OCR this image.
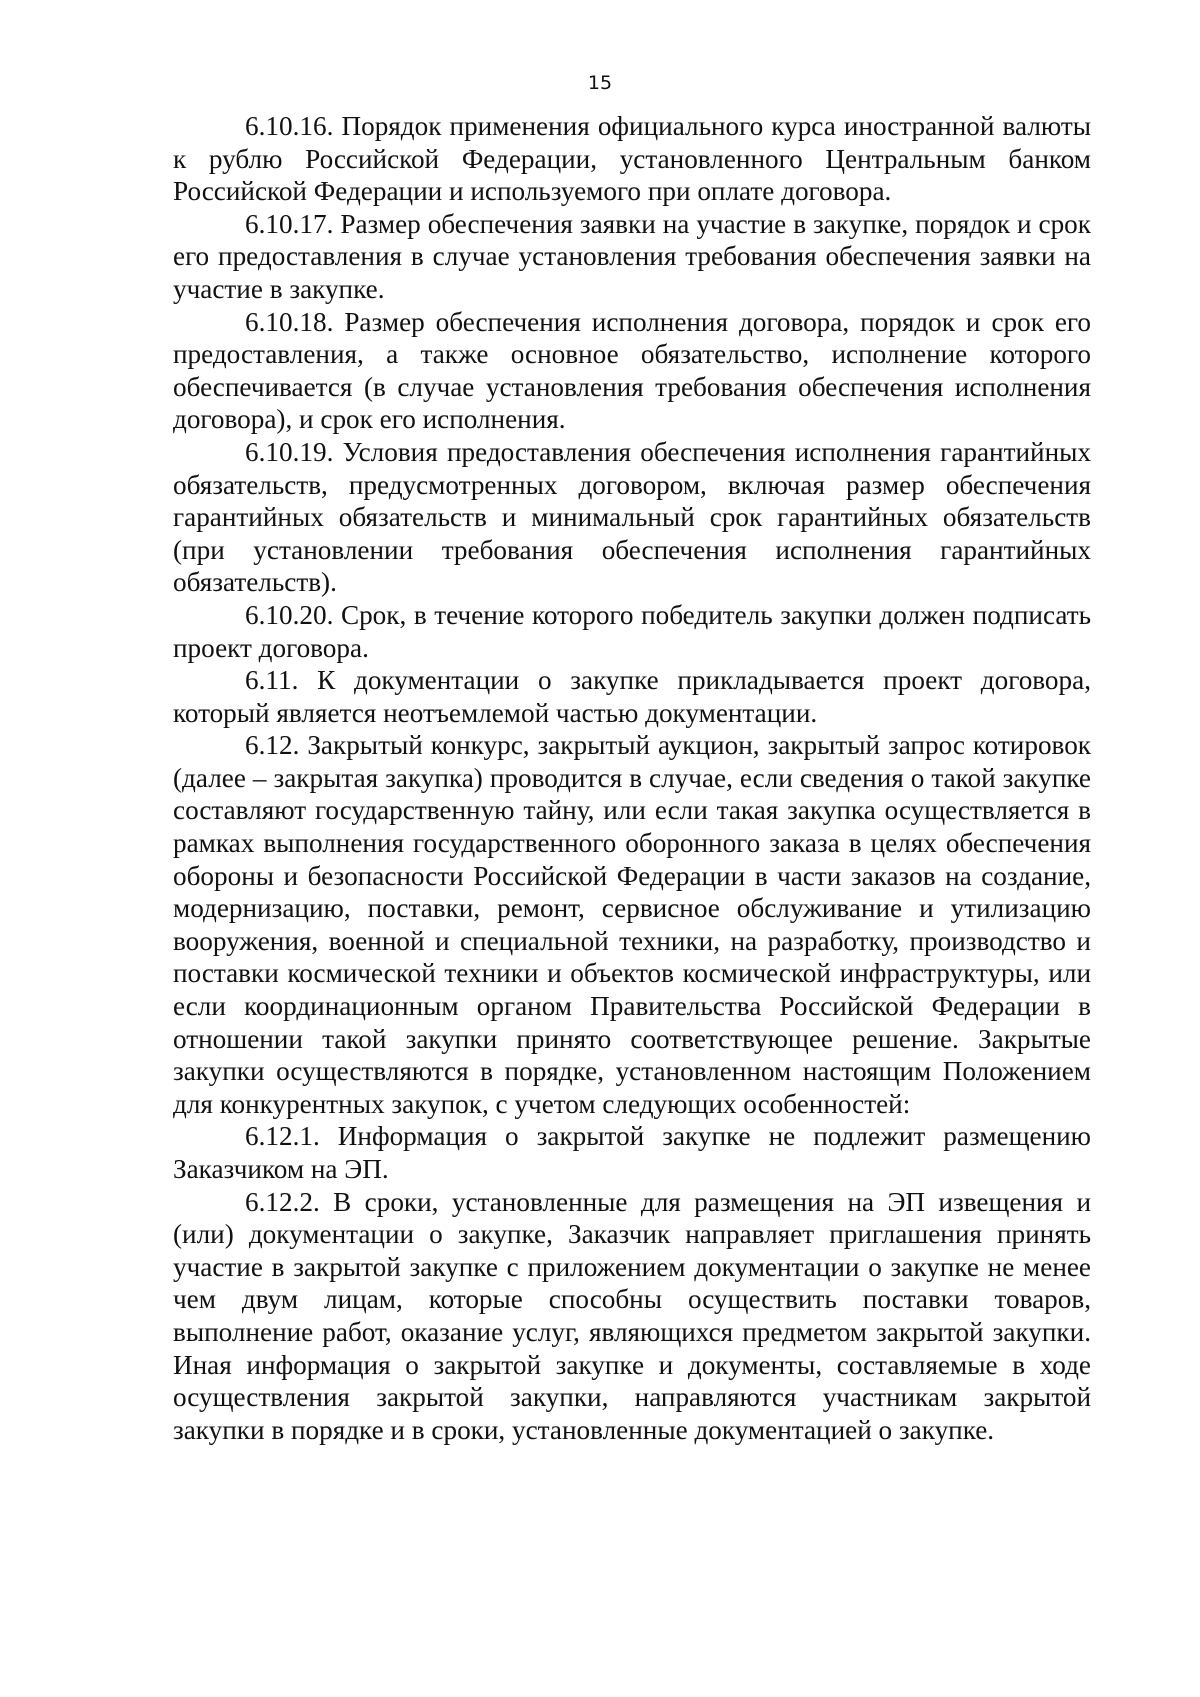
15

6.10.16. Порядок применения официального курса иностранной валюты к рублю Российской Федерации, установленного Центральным банком Российской Федерации и используемого при оплате договора.

6.10.17. Размер обеспечения заявки на участие в закупке, порядок и срок его предоставления в случае установления требования обеспечения заявки на участие в закупке.

6.10.18. Размер обеспечения исполнения договора, порядок и срок его предоставления, а также основное обязательство, исполнение которого обеспечивается (в случае установления требования обеспечения исполнения договора), и срок его исполнения.

6.10.19. Условия предоставления обеспечения исполнения гарантийных обязательств, предусмотренных договором, включая размер обеспечения гарантийных обязательств и минимальный срок гарантийных обязательств (при установлении требования обеспечения исполнения гарантийных обязательств).

6.10.20. Срок, в течение которого победитель закупки должен подписать проект договора.

6.11. К документации о закупке прикладывается проект договора, который является неотъемлемой частью документации.

6.12. Закрытый конкурс, закрытый аукцион, закрытый запрос котировок (далее – закрытая закупка) проводится в случае, если сведения о такой закупке составляют государственную тайну, или если такая закупка осуществляется в рамках выполнения государственного оборонного заказа в целях обеспечения обороны и безопасности Российской Федерации в части заказов на создание, модернизацию, поставки, ремонт, сервисное обслуживание и утилизацию вооружения, военной и специальной техники, на разработку, производство и поставки космической техники и объектов космической инфраструктуры, или если координационным органом Правительства Российской Федерации в отношении такой закупки принято соответствующее решение. Закрытые закупки осуществляются в порядке, установленном настоящим Положением для конкурентных закупок, с учетом следующих особенностей:

6.12.1. Информация о закрытой закупке не подлежит размещению Заказчиком на ЭП.

6.12.2. В сроки, установленные для размещения на ЭП извещения и (или) документации о закупке, Заказчик направляет приглашения принять участие в закрытой закупке с приложением документации о закупке не менее чем двум лицам, которые способны осуществить поставки товаров, выполнение работ, оказание услуг, являющихся предметом закрытой закупки. Иная информация о закрытой закупке и документы, составляемые в ходе осуществления закрытой закупки, направляются участникам закрытой закупки в порядке и в сроки, установленные документацией о закупке.
